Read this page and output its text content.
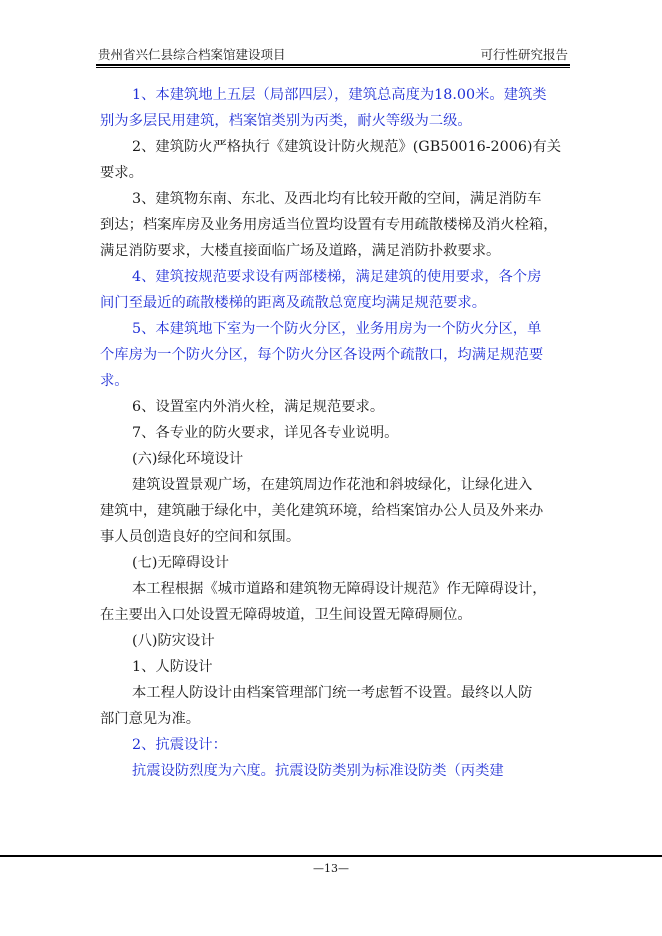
贵州省兴仁县综合档案馆建设项目	可行性研究报告

1、本建筑地上五层（局部四层），建筑总高度为18.00米。建筑类
别为多层民用建筑，档案馆类别为丙类，耐火等级为二级。

2、建筑防火严格执行《建筑设计防火规范》(GB50016-2006)有关
要求。

3、建筑物东南、东北、及西北均有比较开敞的空间，满足消防车
到达；档案库房及业务用房适当位置均设置有专用疏散楼梯及消火栓箱，
满足消防要求，大楼直接面临广场及道路，满足消防扑救要求。

4、建筑按规范要求设有两部楼梯，满足建筑的使用要求，各个房
间门至最近的疏散楼梯的距离及疏散总宽度均满足规范要求。

5、本建筑地下室为一个防火分区，业务用房为一个防火分区，单
个库房为一个防火分区，每个防火分区各设两个疏散口，均满足规范要
求。

6、设置室内外消火栓，满足规范要求。

7、各专业的防火要求，详见各专业说明。

(六)绿化环境设计

建筑设置景观广场，在建筑周边作花池和斜坡绿化，让绿化进入
建筑中，建筑融于绿化中，美化建筑环境，给档案馆办公人员及外来办
事人员创造良好的空间和氛围。

(七)无障碍设计

本工程根据《城市道路和建筑物无障碍设计规范》作无障碍设计，
在主要出入口处设置无障碍坡道，卫生间设置无障碍厕位。

(八)防灾设计

1、人防设计

本工程人防设计由档案管理部门统一考虑暂不设置。最终以人防
部门意见为准。

2、抗震设计：

抗震设防烈度为六度。抗震设防类别为标准设防类（丙类建

—13—
